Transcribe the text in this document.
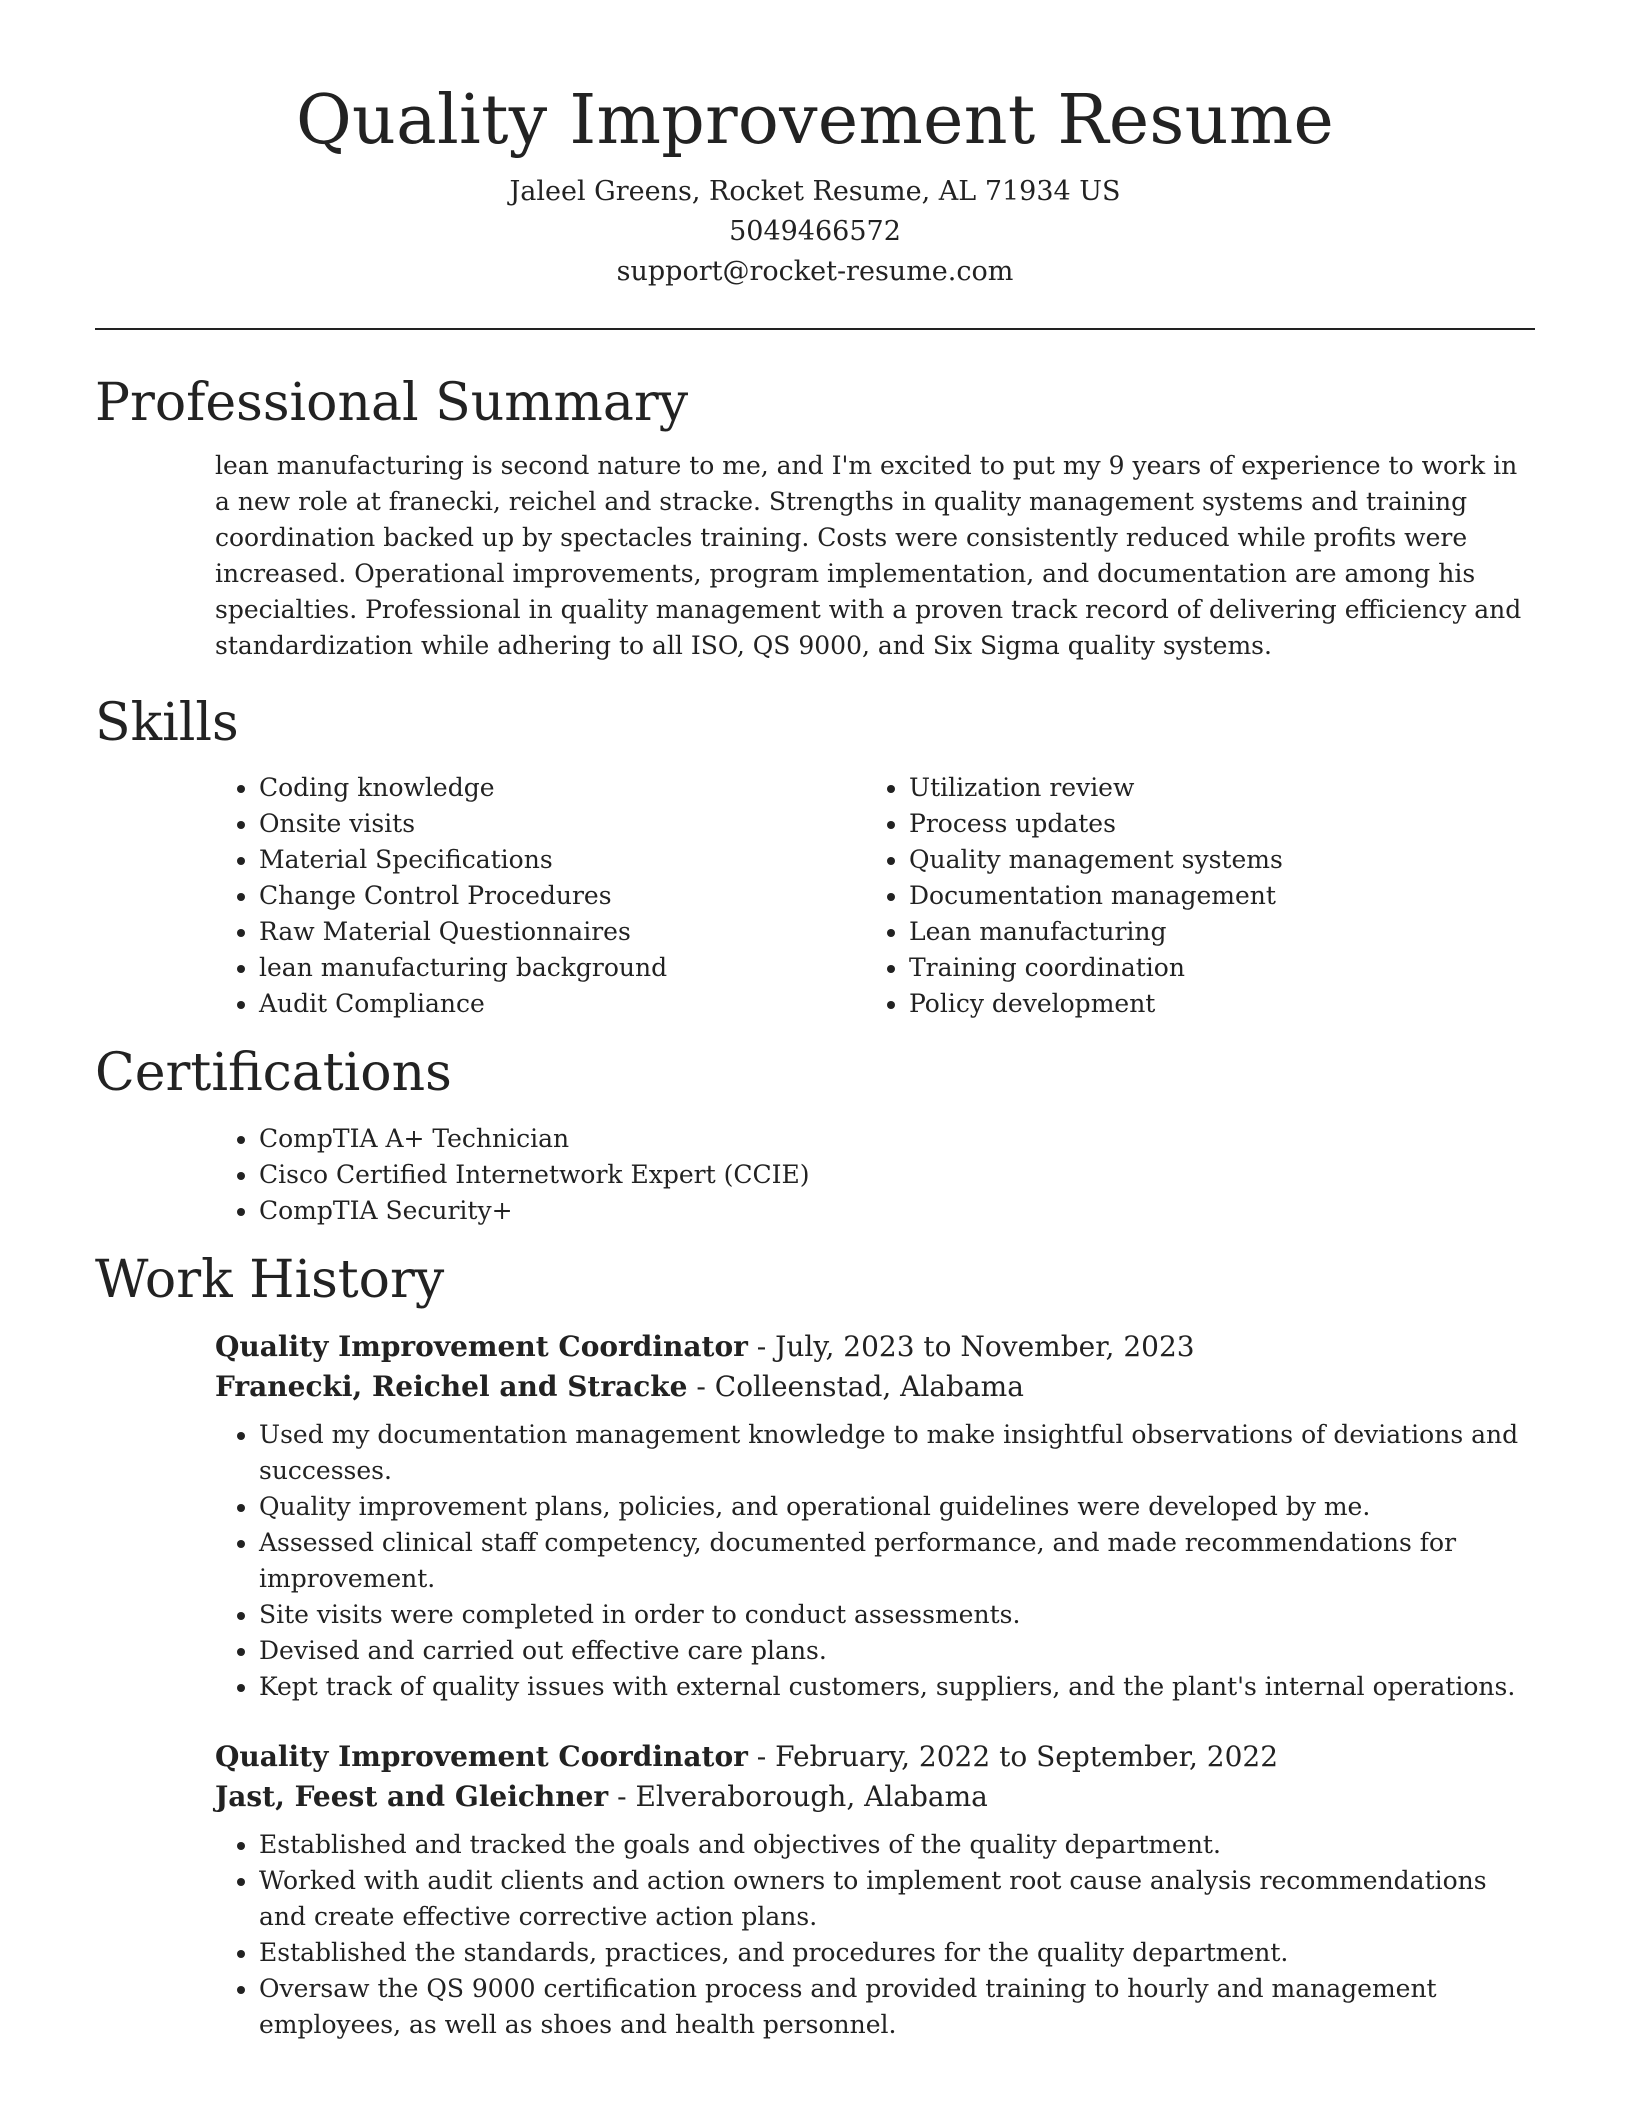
Quality Improvement Resume
Jaleel Greens, Rocket Resume, AL 71934 US
5049466572
support@rocket-resume.com
Professional Summary

lean manufacturing is second nature to me, and I'm excited to put my 9 years of experience to work in a new role at franecki, reichel and stracke. Strengths in quality management systems and training coordination backed up by spectacles training. Costs were consistently reduced while profits were increased. Operational improvements, program implementation, and documentation are among his specialties. Professional in quality management with a proven track record of delivering efficiency and standardization while adhering to all ISO, QS 9000, and Six Sigma quality systems.

Skills
• Coding knowledge
• Onsite visits
• Material Specifications
• Change Control Procedures
• Raw Material Questionnaires
• lean manufacturing background
• Audit Compliance
• Utilization review
• Process updates
• Quality management systems
• Documentation management
• Lean manufacturing
• Training coordination
• Policy development
Certifications
• CompTIA A+ Technician
• Cisco Certified Internetwork Expert (CCIE)
• CompTIA Security+
Work History
Quality Improvement Coordinator - July, 2023 to November, 2023
Franecki, Reichel and Stracke - Colleenstad, Alabama
• Used my documentation management knowledge to make insightful observations of deviations and successes.
• Quality improvement plans, policies, and operational guidelines were developed by me.
• Assessed clinical staff competency, documented performance, and made recommendations for improvement.
• Site visits were completed in order to conduct assessments.
• Devised and carried out effective care plans.
• Kept track of quality issues with external customers, suppliers, and the plant's internal operations.
Quality Improvement Coordinator - February, 2022 to September, 2022
Jast, Feest and Gleichner - Elveraborough, Alabama
• Established and tracked the goals and objectives of the quality department.
• Worked with audit clients and action owners to implement root cause analysis recommendations and create effective corrective action plans.
• Established the standards, practices, and procedures for the quality department.
• Oversaw the QS 9000 certification process and provided training to hourly and management employees, as well as shoes and health personnel.
